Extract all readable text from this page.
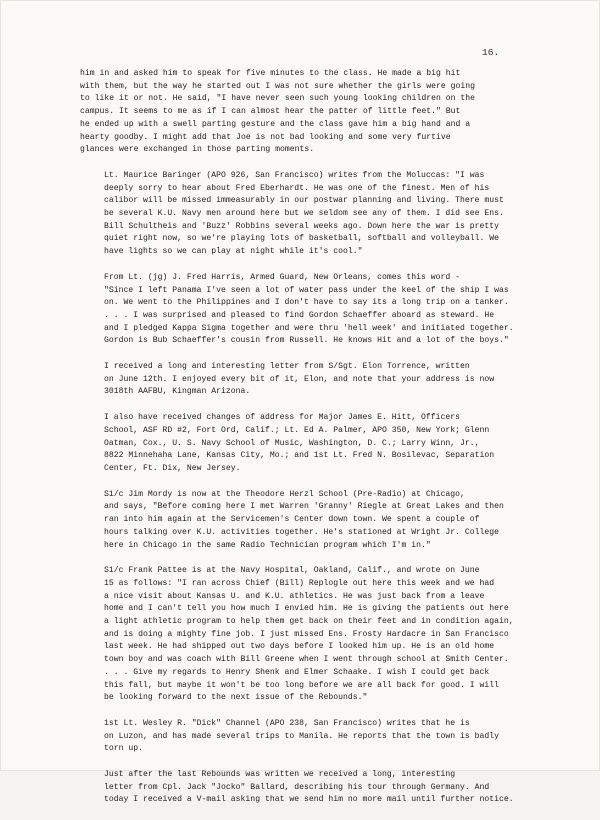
16.
him in and asked him to speak for five minutes to the class. He made a big hit
with them, but the way he started out I was not sure whether the girls were going
to like it or not. He said, "I have never seen such young looking children on the
campus. It seems to me as if I can almost hear the patter of little feet." But
he ended up with a swell parting gesture and the class gave him a big hand and a
hearty goodby. I might add that Joe is not bad looking and some very furtive
glances were exchanged in those parting moments.
Lt. Maurice Baringer (APO 926, San Francisco) writes from the Moluccas: "I was
deeply sorry to hear about Fred Eberhardt. He was one of the finest. Men of his
calibor will be missed immeasurably in our postwar planning and living. There must
be several K.U. Navy men around here but we seldom see any of them. I did see Ens.
Bill Schultheis and 'Buzz' Robbins several weeks ago. Down here the war is pretty
quiet right now, so we're playing lots of basketball, softball and volleyball. We
have lights so we can play at night while it's cool."
From Lt. (jg) J. Fred Harris, Armed Guard, New Orleans, comes this word -
"Since I left Panama I've seen a lot of water pass under the keel of the ship I was
on. We went to the Philippines and I don't have to say its a long trip on a tanker.
. . . I was surprised and pleased to find Gordon Schaeffer aboard as steward. He
and I pledged Kappa Sigma together and were thru 'hell week' and initiated together.
Gordon is Bub Schaeffer's cousin from Russell. He knows Hit and a lot of the boys."
I received a long and interesting letter from S/Sgt. Elon Torrence, written
on June 12th. I enjoyed every bit of it, Elon, and note that your address is now
3018th AAFBU, Kingman Arizona.
I also have received changes of address for Major James E. Hitt, Officers
School, ASF RD #2, Fort Ord, Calif.; Lt. Ed A. Palmer, APO 350, New York; Glenn
Oatman, Cox., U. S. Navy School of Music, Washington, D. C.; Larry Winn, Jr.,
8822 Minnehaha Lane, Kansas City, Mo.; and 1st Lt. Fred N. Bosilevac, Separation
Center, Ft. Dix, New Jersey.
S1/c Jim Mordy is now at the Theodore Herzl School (Pre-Radio) at Chicago,
and says, "Before coming here I met Warren 'Granny' Riegle at Great Lakes and then
ran into him again at the Servicemen's Center down town. We spent a couple of
hours talking over K.U. activities together. He's stationed at Wright Jr. College
here in Chicago in the same Radio Technician program which I'm in."
S1/c Frank Pattee is at the Navy Hospital, Oakland, Calif., and wrote on June
15 as follows: "I ran across Chief (Bill) Replogle out here this week and we had
a nice visit about Kansas U. and K.U. athletics. He was just back from a leave
home and I can't tell you how much I envied him. He is giving the patients out here
a light athletic program to help them get back on their feet and in condition again,
and is doing a mighty fine job. I just missed Ens. Frosty Hardacre in San Francisco
last week. He had shipped out two days before I looked him up. He is an old home
town boy and was coach with Bill Greene when I went through school at Smith Center.
. . . Give my regards to Henry Shenk and Elmer Schaake. I wish I could get back
this fall, but maybe it won't be too long before we are all back for good. I will
be looking forward to the next issue of the Rebounds."
1st Lt. Wesley R. "Dick" Channel (APO 238, San Francisco) writes that he is
on Luzon, and has made several trips to Manila. He reports that the town is badly
torn up.
Just after the last Rebounds was written we received a long, interesting
letter from Cpl. Jack "Jocko" Ballard, describing his tour through Germany. And
today I received a V-mail asking that we send him no more mail until further notice.
